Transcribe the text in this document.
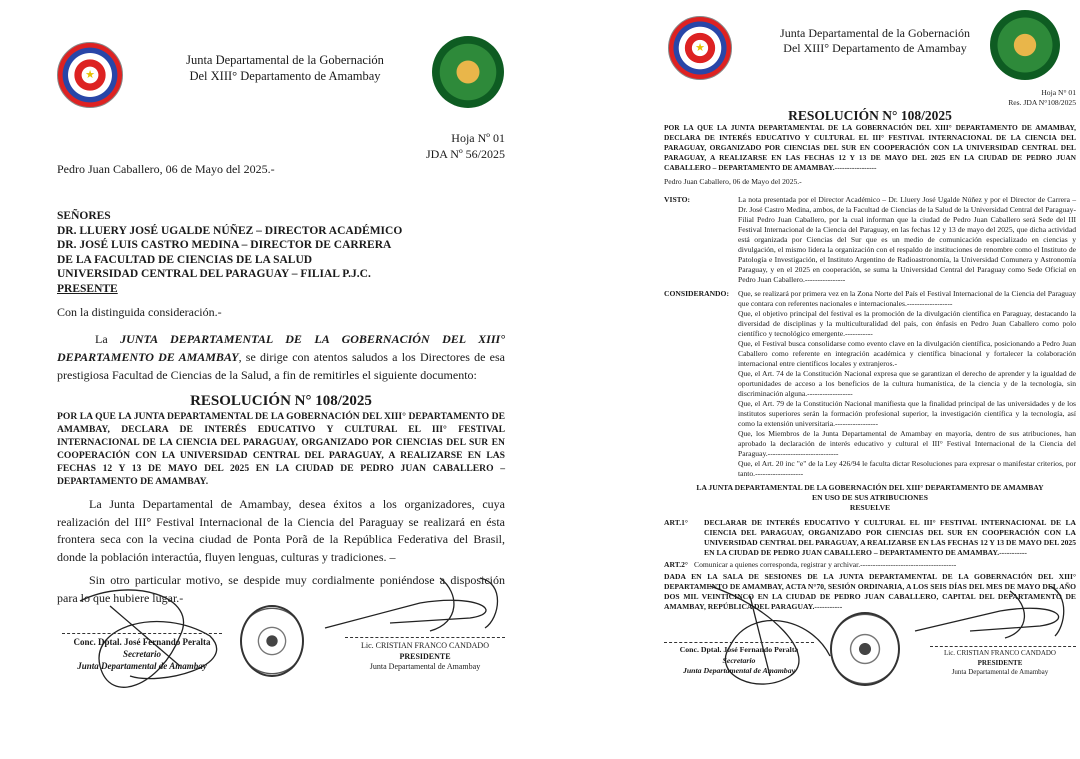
★
Junta Departamental de la Gobernación
Del XIII° Departamento de Amambay
Hoja Nº 01
JDA Nº 56/2025
Pedro Juan Caballero, 06 de Mayo del 2025.-
SEÑORES
DR. LLUERY JOSÉ UGALDE NÚÑEZ – DIRECTOR ACADÉMICO
DR. JOSÉ LUIS CASTRO MEDINA – DIRECTOR DE CARRERA
DE LA FACULTAD DE CIENCIAS DE LA SALUD
UNIVERSIDAD CENTRAL DEL PARAGUAY – FILIAL P.J.C.
PRESENTE
Con la distinguida consideración.-
La JUNTA DEPARTAMENTAL DE LA GOBERNACIÓN DEL XIII° DEPARTAMENTO DE AMAMBAY, se dirige con atentos saludos a los Directores de esa prestigiosa Facultad de Ciencias de la Salud, a fin de remitirles el siguiente documento:
RESOLUCIÓN N° 108/2025
POR LA QUE LA JUNTA DEPARTAMENTAL DE LA GOBERNACIÓN DEL XIII° DEPARTAMENTO DE AMAMBAY, DECLARA DE INTERÉS EDUCATIVO Y CULTURAL EL III° FESTIVAL INTERNACIONAL DE LA CIENCIA DEL PARAGUAY, ORGANIZADO POR CIENCIAS DEL SUR EN COOPERACIÓN CON LA UNIVERSIDAD CENTRAL DEL PARAGUAY, A REALIZARSE EN LAS FECHAS 12 Y 13 DE MAYO DEL 2025 EN LA CIUDAD DE PEDRO JUAN CABALLERO – DEPARTAMENTO DE AMAMBAY.
La Junta Departamental de Amambay, desea éxitos a los organizadores, cuya realización del III° Festival Internacional de la Ciencia del Paraguay se realizará en ésta frontera seca con la vecina ciudad de Ponta Porã de la República Federativa del Brasil, donde la población interactúa, fluyen lenguas, culturas y tradiciones. –
Sin otro particular motivo, se despide muy cordialmente poniéndose a disposición para lo que hubiere lugar.-
Conc. Dptal. José Fernando Peralta
Secretario
Junta Departamental de Amambay
Lic. CRISTIAN FRANCO CANDADO
PRESIDENTE
Junta Departamental de Amambay
★
Junta Departamental de la Gobernación
Del XIII° Departamento de Amambay
Hoja N° 01
Res. JDA N°108/2025
RESOLUCIÓN N° 108/2025
POR LA QUE LA JUNTA DEPARTAMENTAL DE LA GOBERNACIÓN DEL XIII° DEPARTAMENTO DE AMAMBAY, DECLARA DE INTERÉS EDUCATIVO Y CULTURAL EL III° FESTIVAL INTERNACIONAL DE LA CIENCIA DEL PARAGUAY, ORGANIZADO POR CIENCIAS DEL SUR EN COOPERACIÓN CON LA UNIVERSIDAD CENTRAL DEL PARAGUAY, A REALIZARSE EN LAS FECHAS 12 Y 13 DE MAYO DEL 2025 EN LA CIUDAD DE PEDRO JUAN CABALLERO – DEPARTAMENTO DE AMAMBAY.-----------------
Pedro Juan Caballero, 06 de Mayo del 2025.-
VISTO:	La nota presentada por el Director Académico – Dr. Lluery José Ugalde Núñez y por el Director de Carrera – Dr. José Castro Medina, ambos, de la Facultad de Ciencias de la Salud de la Universidad Central del Paraguay-Filial Pedro Juan Caballero, por la cual informan que la ciudad de Pedro Juan Caballero será Sede del III Festival Internacional de la Ciencia del Paraguay, en las fechas 12 y 13 de mayo del 2025, que dicha actividad está organizada por Ciencias del Sur que es un medio de comunicación especializado en ciencias y divulgación, el mismo lidera la organización con el respaldo de instituciones de renombre como el Instituto de Patología e Investigación, el Instituto Argentino de Radioastronomía, la Universidad Comunera y Astronomía Paraguay, y en el 2025 en cooperación, se suma la Universidad Central del Paraguay como Sede Oficial en Pedro Juan Caballero.----------------
CONSIDERANDO:	Que, se realizará por primera vez en la Zona Norte del País el Festival Internacional de la Ciencia del Paraguay que contara con referentes nacionales e internacionales.------------------
Que, el objetivo principal del festival es la promoción de la divulgación científica en Paraguay, destacando la diversidad de disciplinas y la multiculturalidad del país, con énfasis en Pedro Juan Caballero como polo científico y tecnológico emergente.-----------
Que, el Festival busca consolidarse como evento clave en la divulgación científica, posicionando a Pedro Juan Caballero como referente en integración académica y científica binacional y fortalecer la colaboración internacional entre científicos locales y extranjeros.-
Que, el Art. 74 de la Constitución Nacional expresa que se garantizan el derecho de aprender y la igualdad de oportunidades de acceso a los beneficios de la cultura humanística, de la ciencia y de la tecnología, sin discriminación alguna.------------------
Que, el Art. 79 de la Constitución Nacional manifiesta que la finalidad principal de las universidades y de los institutos superiores serán la formación profesional superior, la investigación científica y la tecnología, así como la extensión universitaria.-----------------
Que, los Miembros de la Junta Departamental de Amambay en mayoría, dentro de sus atribuciones, han aprobado la declaración de interés educativo y cultural el III° Festival Internacional de la Ciencia del Paraguay.----------------------------
Que, el Art. 20 inc "e" de la Ley 426/94 le faculta dictar Resoluciones para expresar o manifestar criterios, por tanto.-------------------
LA JUNTA DEPARTAMENTAL DE LA GOBERNACIÓN DEL XIII° DEPARTAMENTO DE AMAMBAY
EN USO DE SUS ATRIBUCIONES
RESUELVE
ART.1°	DECLARAR DE INTERÉS EDUCATIVO Y CULTURAL EL III° FESTIVAL INTERNACIONAL DE LA CIENCIA DEL PARAGUAY, ORGANIZADO POR CIENCIAS DEL SUR EN COOPERACIÓN CON LA UNIVERSIDAD CENTRAL DEL PARAGUAY, A REALIZARSE EN LAS FECHAS 12 Y 13 DE MAYO DEL 2025 EN LA CIUDAD DE PEDRO JUAN CABALLERO – DEPARTAMENTO DE AMAMBAY.-----------
ART.2° Comunicar a quienes corresponda, registrar y archivar.--------------------------------------
DADA EN LA SALA DE SESIONES DE LA JUNTA DEPARTAMENTAL DE LA GOBERNACIÓN DEL XIII° DEPARTAMENTO DE AMAMBAY, ACTA N°70, SESIÓN ORDINARIA, A LOS SEIS DÍAS DEL MES DE MAYO DEL AÑO DOS MIL VEINTICINCO EN LA CIUDAD DE PEDRO JUAN CABALLERO, CAPITAL DEL DEPARTAMENTO DE AMAMBAY, REPÚBLICA DEL PARAGUAY.-----------
Conc. Dptal. José Fernando Peralta
Secretario
Junta Departamental de Amambay
Lic. CRISTIAN FRANCO CANDADO
PRESIDENTE
Junta Departamental de Amambay
